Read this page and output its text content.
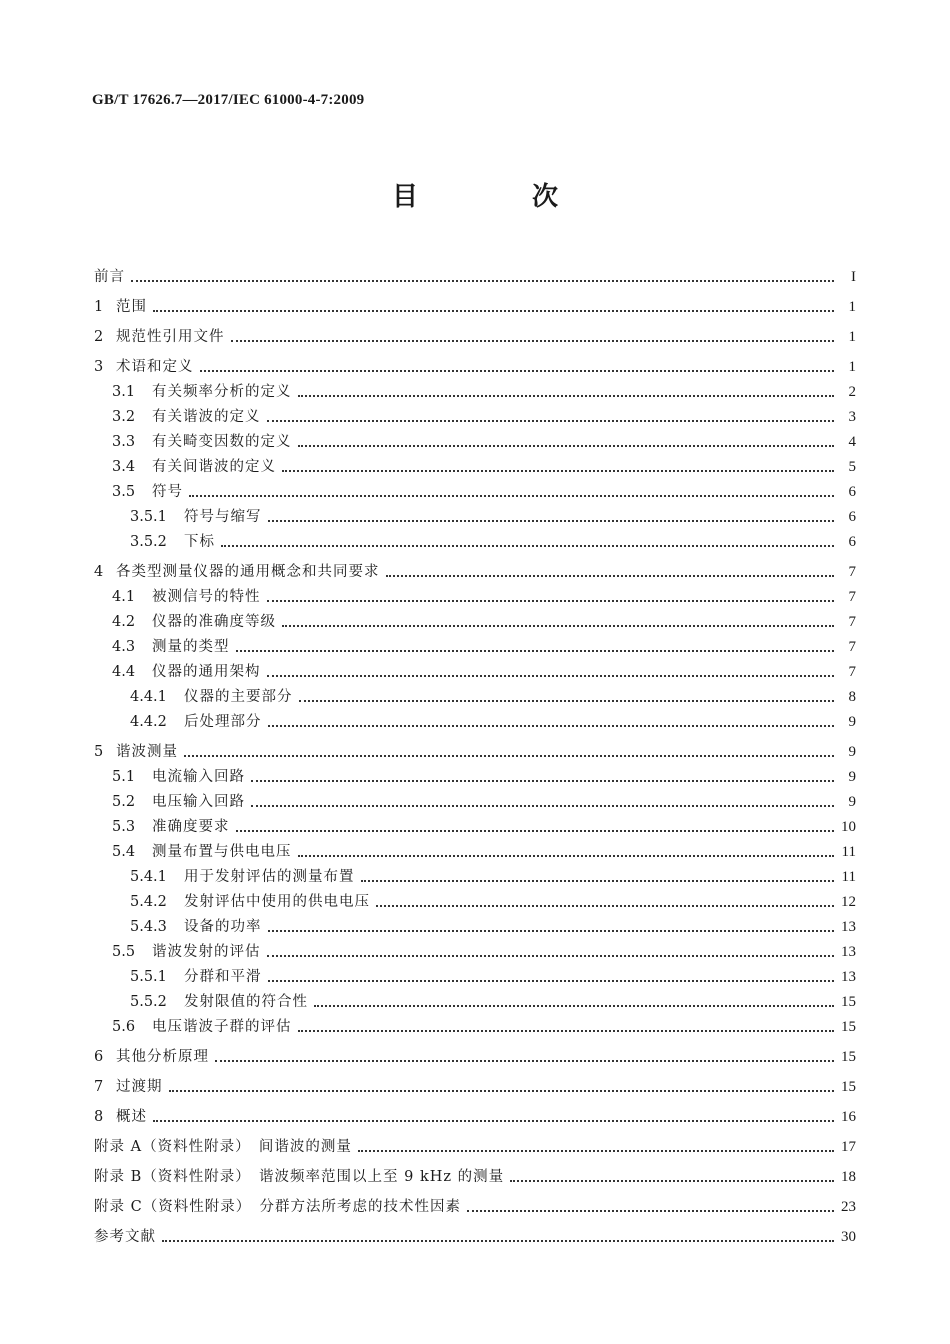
GB/T 17626.7—2017/IEC 61000-4-7:2009
目　次
前言	I
1 范围	1
2 规范性引用文件	1
3 术语和定义	1
3.1	有关频率分析的定义	2
3.2	有关谐波的定义	3
3.3	有关畸变因数的定义	4
3.4	有关间谐波的定义	5
3.5	符号	6
3.5.1	符号与缩写	6
3.5.2	下标	6
4 各类型测量仪器的通用概念和共同要求	7
4.1	被测信号的特性	7
4.2	仪器的准确度等级	7
4.3	测量的类型	7
4.4	仪器的通用架构	7
4.4.1	仪器的主要部分	8
4.4.2	后处理部分	9
5 谐波测量	9
5.1	电流输入回路	9
5.2	电压输入回路	9
5.3	准确度要求	10
5.4	测量布置与供电电压	11
5.4.1	用于发射评估的测量布置	11
5.4.2	发射评估中使用的供电电压	12
5.4.3	设备的功率	13
5.5	谐波发射的评估	13
5.5.1	分群和平滑	13
5.5.2	发射限值的符合性	15
5.6	电压谐波子群的评估	15
6 其他分析原理	15
7 过渡期	15
8 概述	16
附录 A（资料性附录）　间谐波的测量	17
附录 B（资料性附录）　谐波频率范围以上至 9 kHz 的测量	18
附录 C（资料性附录）　分群方法所考虑的技术性因素	23
参考文献	30
